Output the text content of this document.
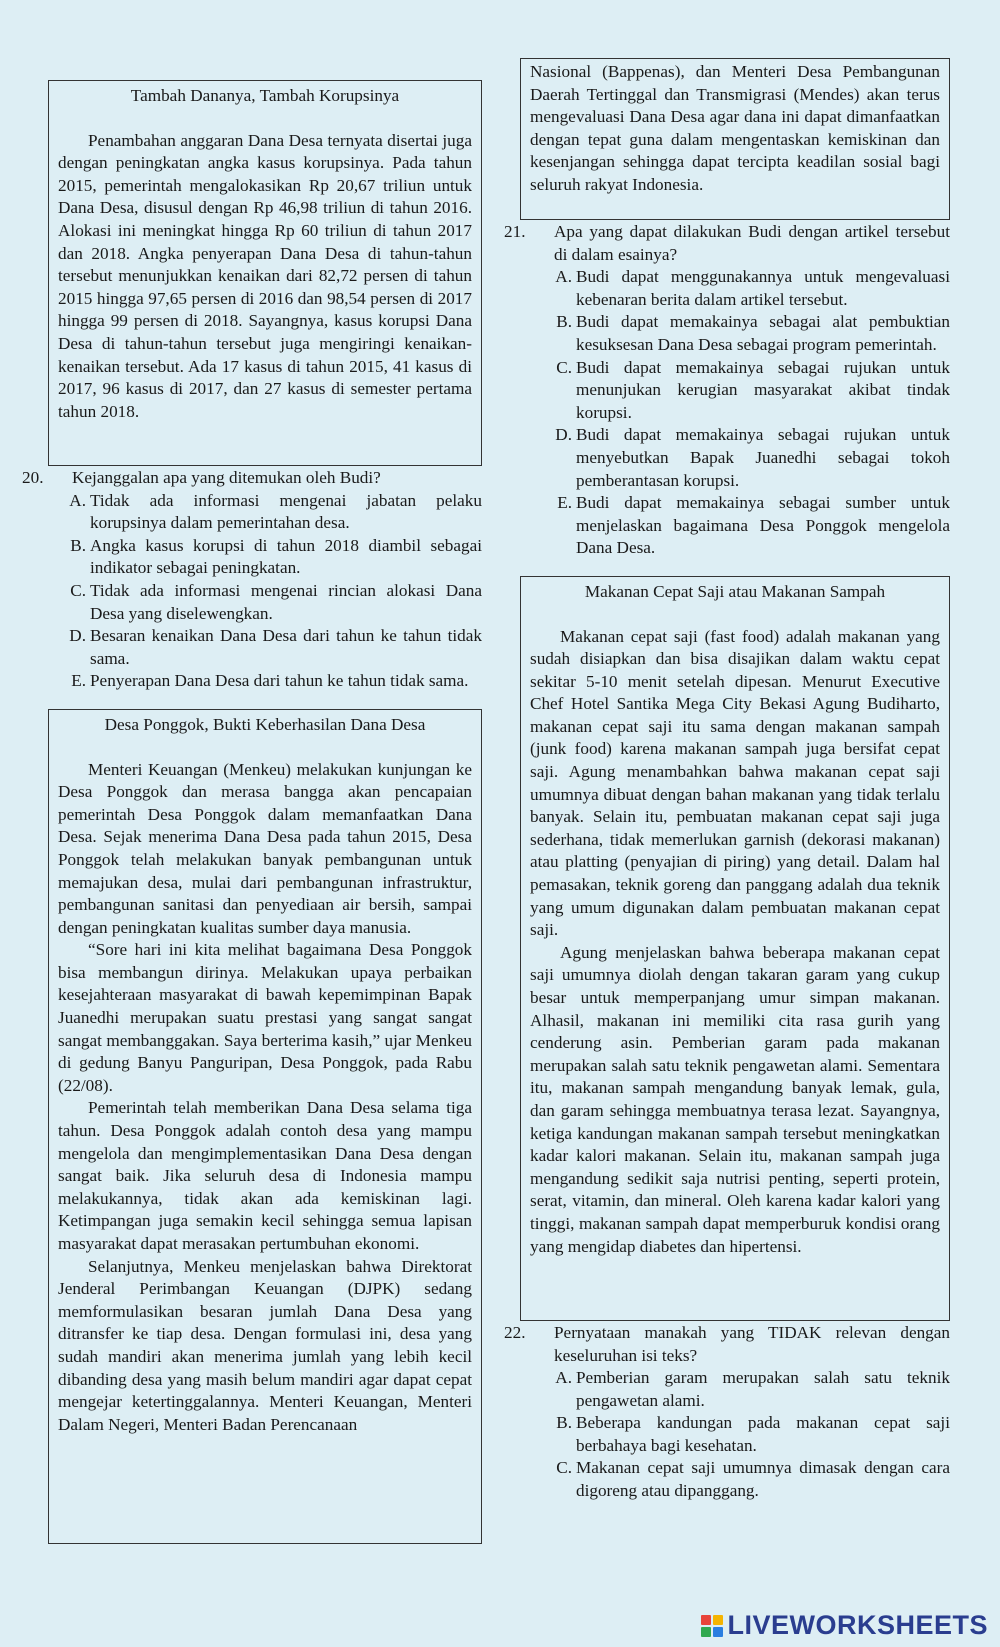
Tambah Dananya, Tambah Korupsinya

Penambahan anggaran Dana Desa ternyata disertai juga dengan peningkatan angka kasus korupsinya. Pada tahun 2015, pemerintah mengalokasikan Rp 20,67 triliun untuk Dana Desa, disusul dengan Rp 46,98 triliun di tahun 2016. Alokasi ini meningkat hingga Rp 60 triliun di tahun 2017 dan 2018. Angka penyerapan Dana Desa di tahun-tahun tersebut menunjukkan kenaikan dari 82,72 persen di tahun 2015 hingga 97,65 persen di 2016 dan 98,54 persen di 2017 hingga 99 persen di 2018. Sayangnya, kasus korupsi Dana Desa di tahun-tahun tersebut juga mengiringi kenaikan-kenaikan tersebut. Ada 17 kasus di tahun 2015, 41 kasus di 2017, 96 kasus di 2017, dan 27 kasus di semester pertama tahun 2018.

20.	Kejanggalan apa yang ditemukan oleh Budi?
A. Tidak ada informasi mengenai jabatan pelaku korupsinya dalam pemerintahan desa.
B. Angka kasus korupsi di tahun 2018 diambil sebagai indikator sebagai peningkatan.
C. Tidak ada informasi mengenai rincian alokasi Dana Desa yang diselewengkan.
D. Besaran kenaikan Dana Desa dari tahun ke tahun tidak sama.
E. Penyerapan Dana Desa dari tahun ke tahun tidak sama.
Desa Ponggok, Bukti Keberhasilan Dana Desa

Menteri Keuangan (Menkeu) melakukan kunjungan ke Desa Ponggok dan merasa bangga akan pencapaian pemerintah Desa Ponggok dalam memanfaatkan Dana Desa. Sejak menerima Dana Desa pada tahun 2015, Desa Ponggok telah melakukan banyak pembangunan untuk memajukan desa, mulai dari pembangunan infrastruktur, pembangunan sanitasi dan penyediaan air bersih, sampai dengan peningkatan kualitas sumber daya manusia.

“Sore hari ini kita melihat bagaimana Desa Ponggok bisa membangun dirinya. Melakukan upaya perbaikan kesejahteraan masyarakat di bawah kepemimpinan Bapak Juanedhi merupakan suatu prestasi yang sangat sangat sangat membanggakan. Saya berterima kasih,” ujar Menkeu di gedung Banyu Panguripan, Desa Ponggok, pada Rabu (22/08).

Pemerintah telah memberikan Dana Desa selama tiga tahun. Desa Ponggok adalah contoh desa yang mampu mengelola dan mengimplementasikan Dana Desa dengan sangat baik. Jika seluruh desa di Indonesia mampu melakukannya, tidak akan ada kemiskinan lagi. Ketimpangan juga semakin kecil sehingga semua lapisan masyarakat dapat merasakan pertumbuhan ekonomi.

Selanjutnya, Menkeu menjelaskan bahwa Direktorat Jenderal Perimbangan Keuangan (DJPK) sedang memformulasikan besaran jumlah Dana Desa yang ditransfer ke tiap desa. Dengan formulasi ini, desa yang sudah mandiri akan menerima jumlah yang lebih kecil dibanding desa yang masih belum mandiri agar dapat cepat mengejar ketertinggalannya. Menteri Keuangan, Menteri Dalam Negeri, Menteri Badan Perencanaan

Nasional (Bappenas), dan Menteri Desa Pembangunan Daerah Tertinggal dan Transmigrasi (Mendes) akan terus mengevaluasi Dana Desa agar dana ini dapat dimanfaatkan dengan tepat guna dalam mengentaskan kemiskinan dan kesenjangan sehingga dapat tercipta keadilan sosial bagi seluruh rakyat Indonesia.

21.	Apa yang dapat dilakukan Budi dengan artikel tersebut di dalam esainya?
A. Budi dapat menggunakannya untuk mengevaluasi kebenaran berita dalam artikel tersebut.
B. Budi dapat memakainya sebagai alat pembuktian kesuksesan Dana Desa sebagai program pemerintah.
C. Budi dapat memakainya sebagai rujukan untuk menunjukan kerugian masyarakat akibat tindak korupsi.
D. Budi dapat memakainya sebagai rujukan untuk menyebutkan Bapak Juanedhi sebagai tokoh pemberantasan korupsi.
E. Budi dapat memakainya sebagai sumber untuk menjelaskan bagaimana Desa Ponggok mengelola Dana Desa.
Makanan Cepat Saji atau Makanan Sampah

Makanan cepat saji (fast food) adalah makanan yang sudah disiapkan dan bisa disajikan dalam waktu cepat sekitar 5-10 menit setelah dipesan. Menurut Executive Chef Hotel Santika Mega City Bekasi Agung Budiharto, makanan cepat saji itu sama dengan makanan sampah (junk food) karena makanan sampah juga bersifat cepat saji. Agung menambahkan bahwa makanan cepat saji umumnya dibuat dengan bahan makanan yang tidak terlalu banyak. Selain itu, pembuatan makanan cepat saji juga sederhana, tidak memerlukan garnish (dekorasi makanan) atau platting (penyajian di piring) yang detail. Dalam hal pemasakan, teknik goreng dan panggang adalah dua teknik yang umum digunakan dalam pembuatan makanan cepat saji.

Agung menjelaskan bahwa beberapa makanan cepat saji umumnya diolah dengan takaran garam yang cukup besar untuk memperpanjang umur simpan makanan. Alhasil, makanan ini memiliki cita rasa gurih yang cenderung asin. Pemberian garam pada makanan merupakan salah satu teknik pengawetan alami. Sementara itu, makanan sampah mengandung banyak lemak, gula, dan garam sehingga membuatnya terasa lezat. Sayangnya, ketiga kandungan makanan sampah tersebut meningkatkan kadar kalori makanan. Selain itu, makanan sampah juga mengandung sedikit saja nutrisi penting, seperti protein, serat, vitamin, dan mineral. Oleh karena kadar kalori yang tinggi, makanan sampah dapat memperburuk kondisi orang yang mengidap diabetes dan hipertensi.

22.	Pernyataan manakah yang TIDAK relevan dengan keseluruhan isi teks?
A. Pemberian garam merupakan salah satu teknik pengawetan alami.
B. Beberapa kandungan pada makanan cepat saji berbahaya bagi kesehatan.
C. Makanan cepat saji umumnya dimasak dengan cara digoreng atau dipanggang.
LIVEWORKSHEETS
